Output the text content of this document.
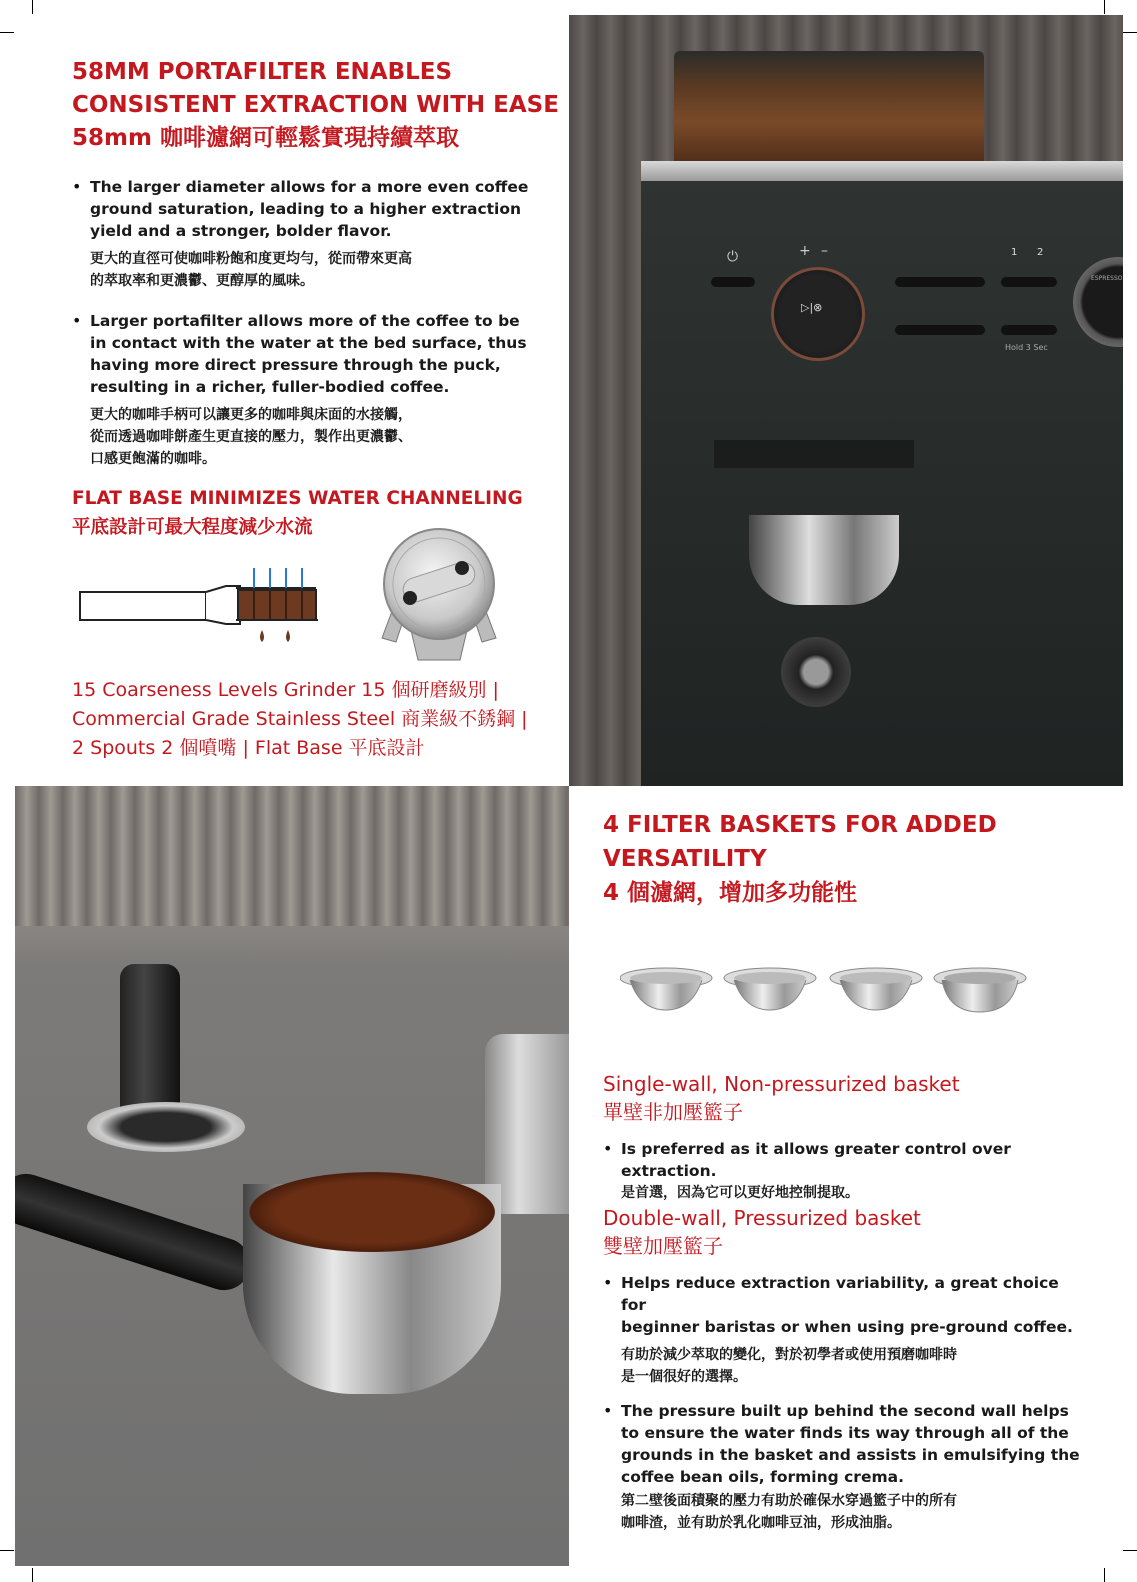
58MM PORTAFILTER ENABLES
CONSISTENT EXTRACTION WITH EASE
58mm 咖啡濾網可輕鬆實現持續萃取
• The larger diameter allows for a more even coffee
ground saturation, leading to a higher extraction
yield and a stronger, bolder flavor.
更大的直徑可使咖啡粉飽和度更均勻，從而帶來更高
的萃取率和更濃鬱、更醇厚的風味。
• Larger portafilter allows more of the coffee to be
in contact with the water at the bed surface, thus
having more direct pressure through the puck,
resulting in a richer, fuller-bodied coffee.
更大的咖啡手柄可以讓更多的咖啡與床面的水接觸，
從而透過咖啡餅產生更直接的壓力，製作出更濃鬱、
口感更飽滿的咖啡。
FLAT BASE MINIMIZES WATER CHANNELING
平底設計可最大程度減少水流
15 Coarseness Levels Grinder 15 個研磨級別 |
Commercial Grade Stainless Steel 商業級不銹鋼 |
2 Spouts 2 個噴嘴 | Flat Base 平底設計
⏻	+ –
▷|⊗
1 2
Hold 3 Sec
ESPRESSO
4 FILTER BASKETS FOR ADDED
VERSATILITY
4 個濾網，增加多功能性
Single-wall, Non-pressurized basket
單壁非加壓籃子
• Is preferred as it allows greater control over extraction.
是首選，因為它可以更好地控制提取。
Double-wall, Pressurized basket
雙壁加壓籃子
• Helps reduce extraction variability, a great choice for
beginner baristas or when using pre-ground coffee.
有助於減少萃取的變化，對於初學者或使用預磨咖啡時
是一個很好的選擇。
• The pressure built up behind the second wall helps
to ensure the water finds its way through all of the
grounds in the basket and assists in emulsifying the
coffee bean oils, forming crema.
第二壁後面積聚的壓力有助於確保水穿過籃子中的所有
咖啡渣，並有助於乳化咖啡豆油，形成油脂。
